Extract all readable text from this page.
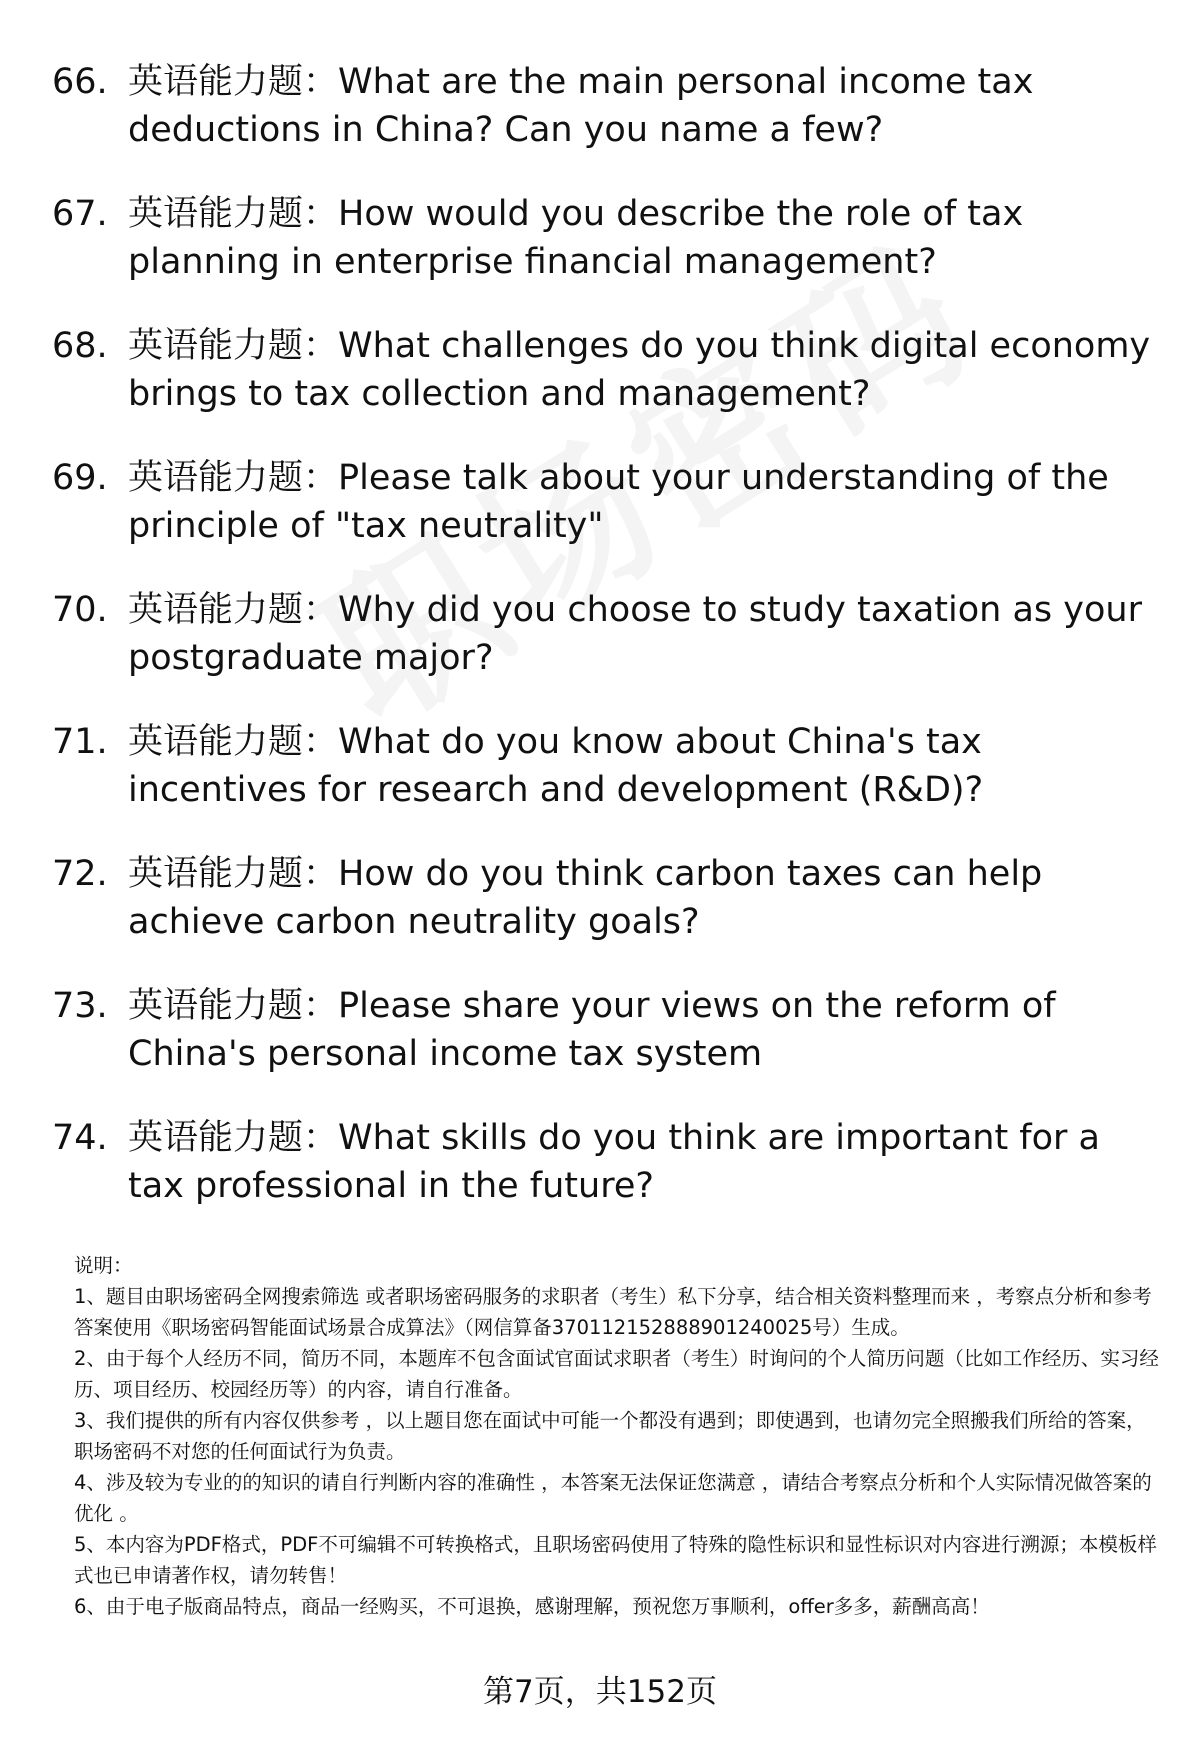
66. 英语能力题：What are the main personal income tax deductions in China? Can you name a few?
67. 英语能力题：How would you describe the role of tax planning in enterprise financial management?
68. 英语能力题：What challenges do you think digital economy brings to tax collection and management?
69. 英语能力题：Please talk about your understanding of the principle of "tax neutrality"
70. 英语能力题：Why did you choose to study taxation as your postgraduate major?
71. 英语能力题：What do you know about China's tax incentives for research and development (R&D)?
72. 英语能力题：How do you think carbon taxes can help achieve carbon neutrality goals?
73. 英语能力题：Please share your views on the reform of China's personal income tax system
74. 英语能力题：What skills do you think are important for a tax professional in the future?

说明：

1、题目由职场密码全网搜索筛选 或者职场密码服务的求职者（考生）私下分享，结合相关资料整理而来 ，考察点分析和参考答案使用《职场密码智能面试场景合成算法》（网信算备370112152888901240025号）生成。

2、由于每个人经历不同，简历不同，本题库不包含面试官面试求职者（考生）时询问的个人简历问题（比如工作经历、实习经历、项目经历、校园经历等）的内容，请自行准备。

3、我们提供的所有内容仅供参考 ，以上题目您在面试中可能一个都没有遇到；即使遇到，也请勿完全照搬我们所给的答案，职场密码不对您的任何面试行为负责。

4、涉及较为专业的的知识的请自行判断内容的准确性 ，本答案无法保证您满意 ，请结合考察点分析和个人实际情况做答案的优化 。

5、本内容为PDF格式，PDF不可编辑不可转换格式，且职场密码使用了特殊的隐性标识和显性标识对内容进行溯源；本模板样式也已申请著作权，请勿转售！

6、由于电子版商品特点，商品一经购买，不可退换，感谢理解，预祝您万事顺利，offer多多，薪酬高高！

第7页，共152页
